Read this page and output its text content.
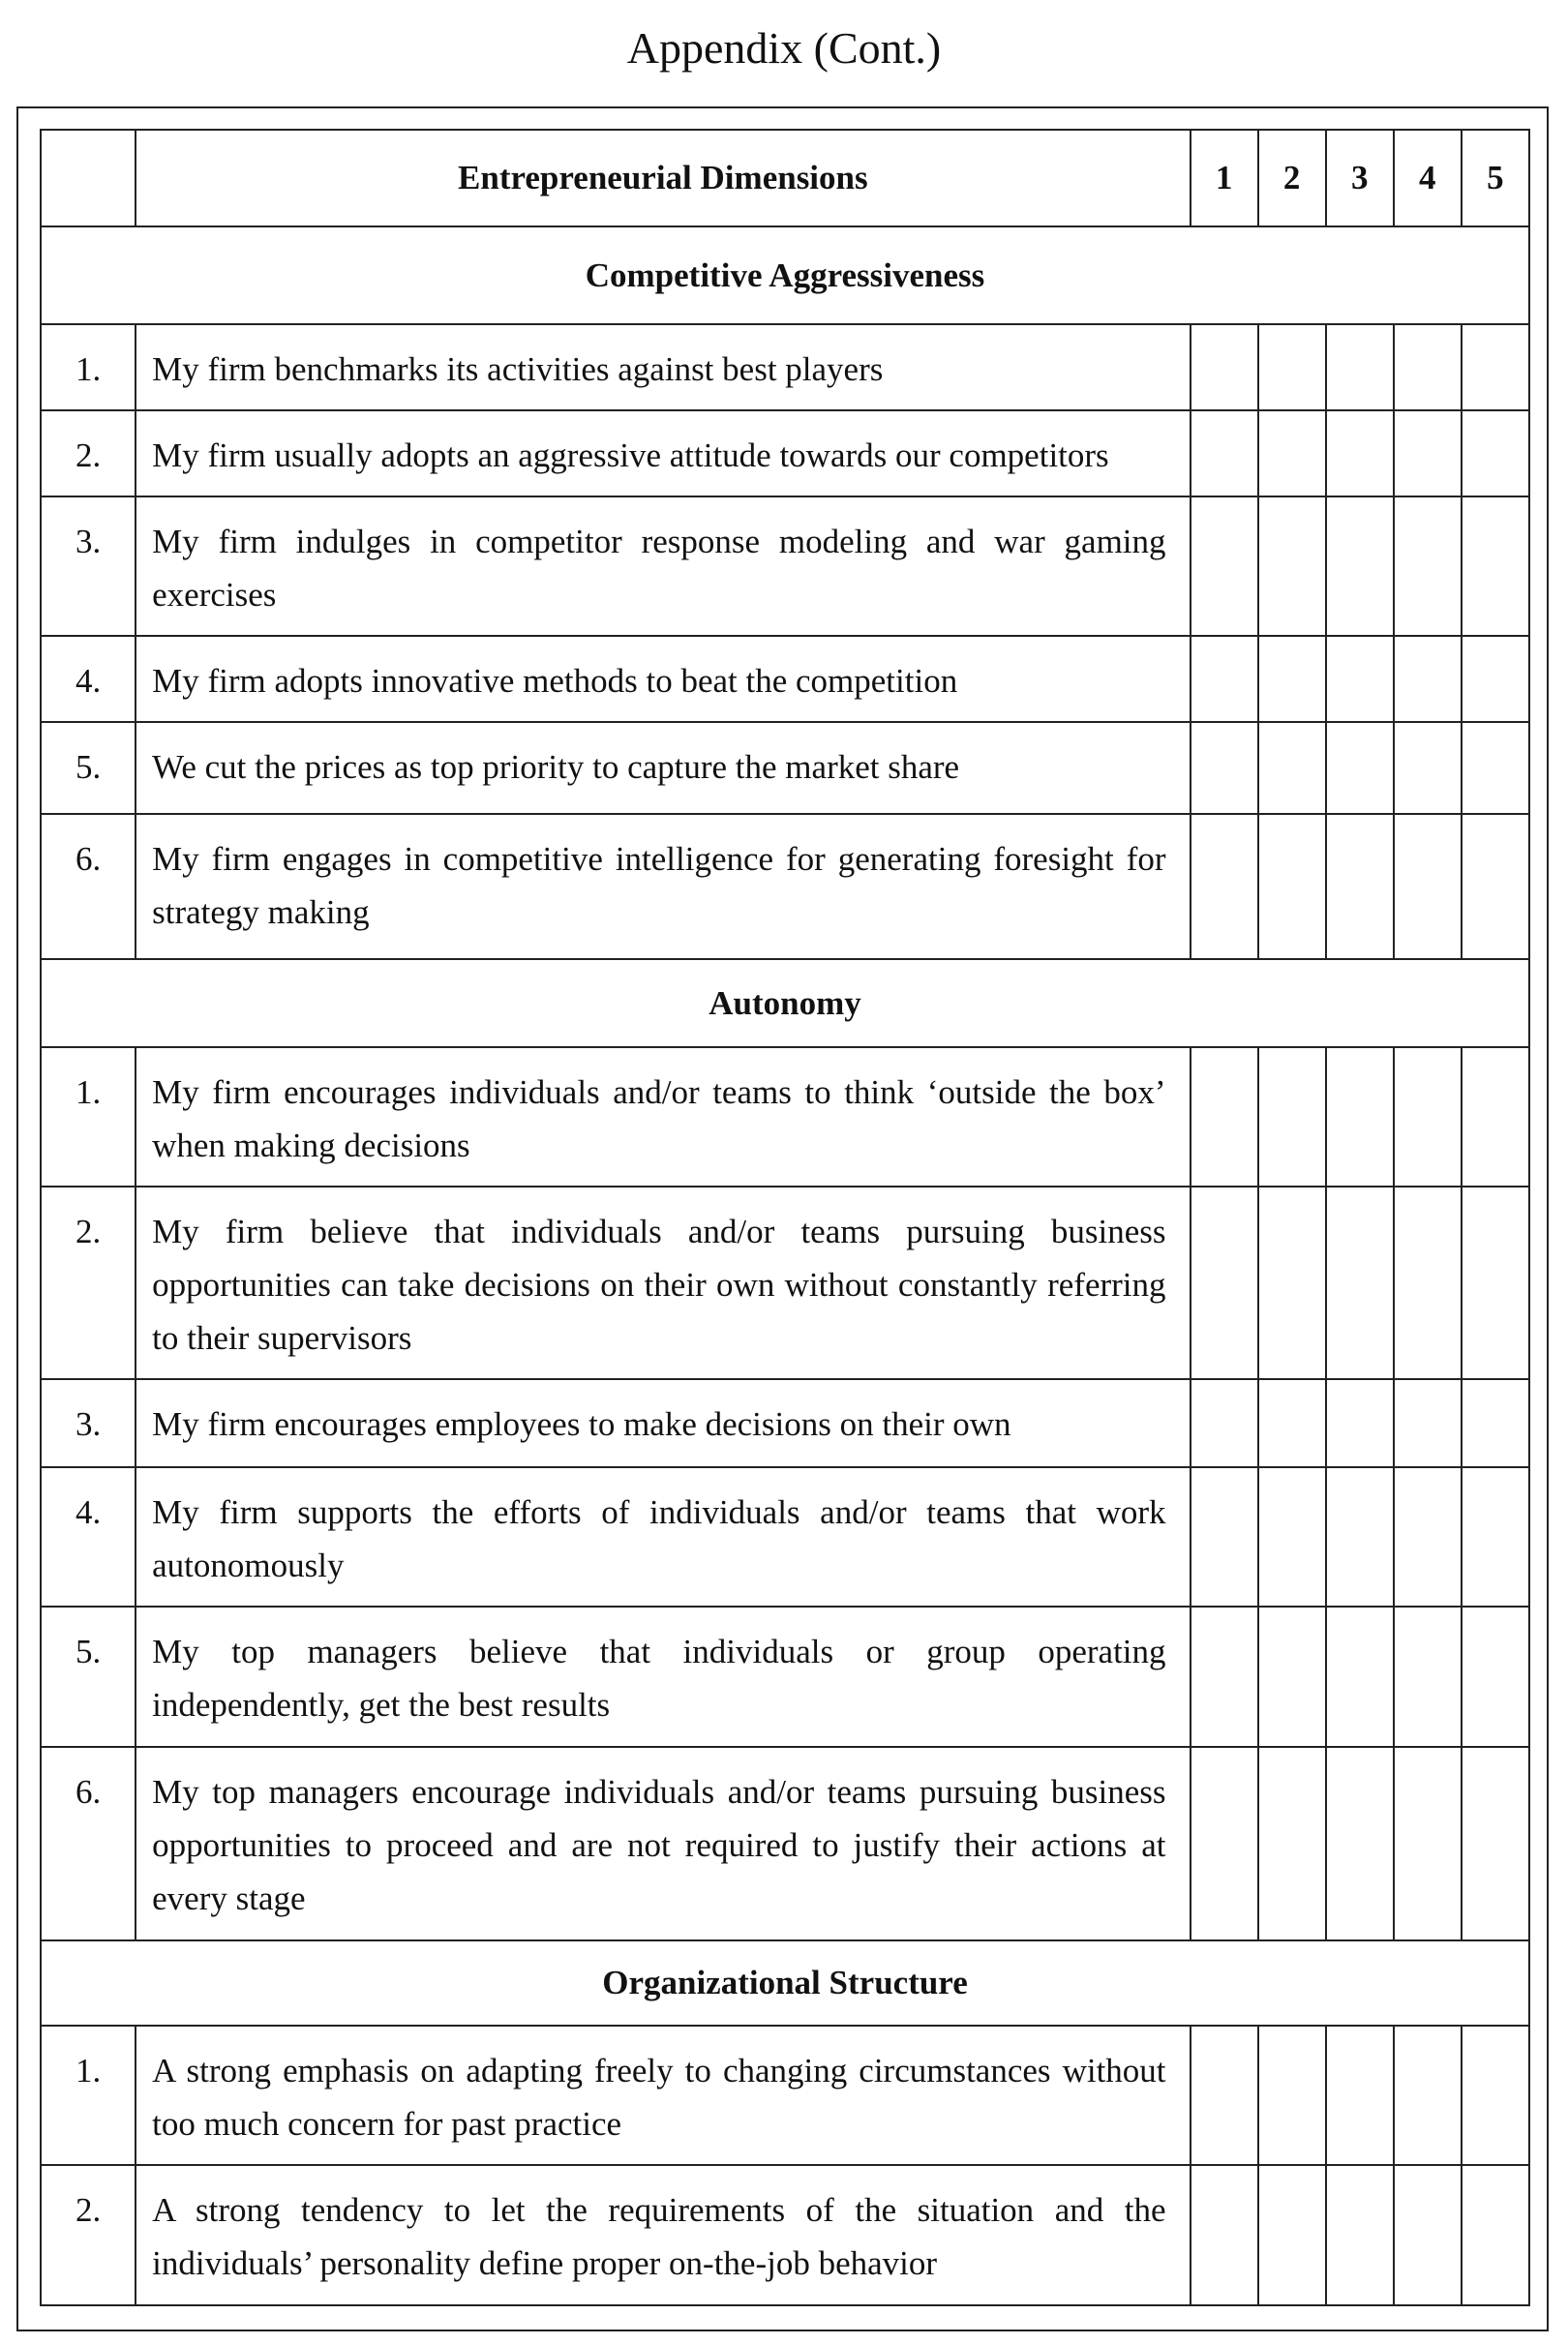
Appendix (Cont.)
	Entrepreneurial Dimensions	1	2	3	4	5
Competitive Aggressiveness						
1.	My firm benchmarks its activities against best players					
2.	My firm usually adopts an aggressive attitude towards our competitors					
3.	My firm indulges in competitor response modeling and war gaming exercises					
4.	My firm adopts innovative methods to beat the competition					
5.	We cut the prices as top priority to capture the market share					
6.	My firm engages in competitive intelligence for generating foresight for strategy making					
Autonomy						
1.	My firm encourages individuals and/or teams to think ‘outside the box’ when making decisions					
2.	My firm believe that individuals and/or teams pursuing business opportunities can take decisions on their own without constantly referring to their supervisors					
3.	My firm encourages employees to make decisions on their own					
4.	My firm supports the efforts of individuals and/or teams that work autonomously					
5.	My top managers believe that individuals or group operating independently, get the best results					
6.	My top managers encourage individuals and/or teams pursuing business opportunities to proceed and are not required to justify their actions at every stage					
Organizational Structure						
1.	A strong emphasis on adapting freely to changing circumstances without too much concern for past practice					
2.	A strong tendency to let the requirements of the situation and the individuals’ personality define proper on-the-job behavior					
